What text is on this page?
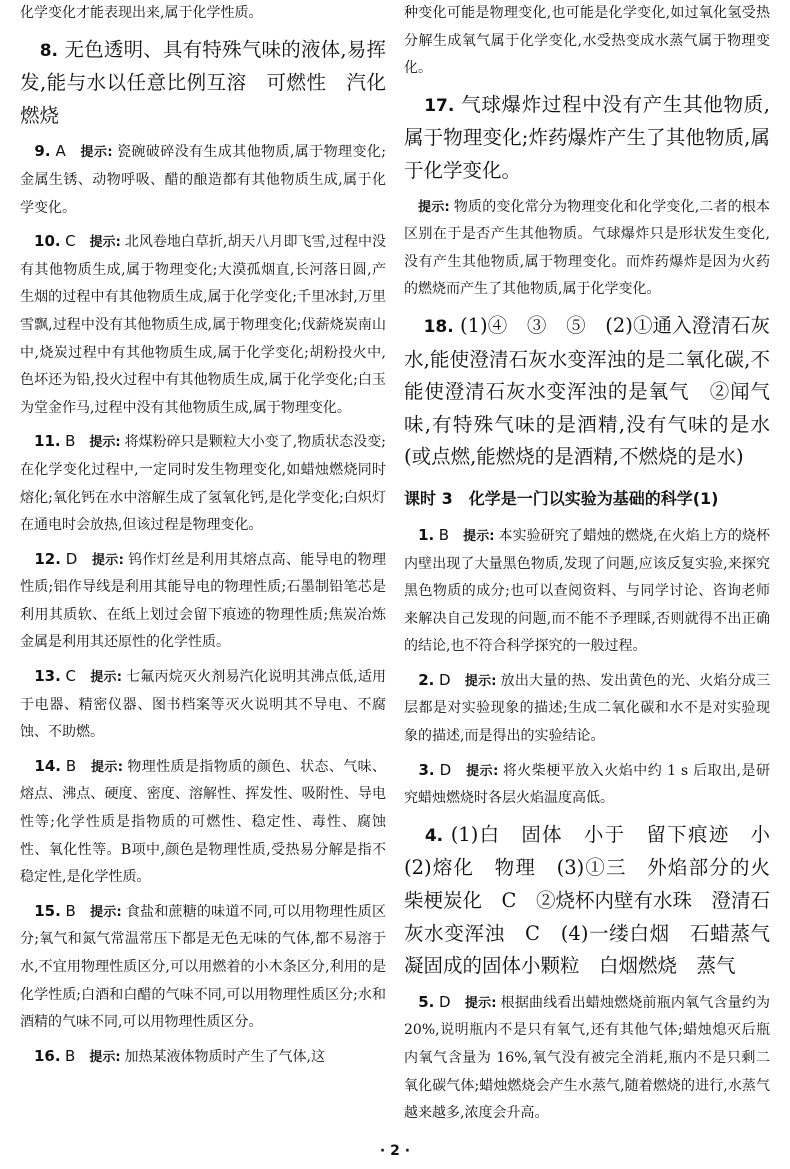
化学变化才能表现出来,属于化学性质。

　8. 无色透明、具有特殊气味的液体,易挥发,能与水以任意比例互溶　可燃性　汽化　燃烧

　9. A　 提示: 瓷碗破碎没有生成其他物质,属于物理变化;金属生锈、动物呼吸、醋的酿造都有其他物质生成,属于化学变化。

　10. C　 提示: 北风卷地白草折,胡天八月即飞雪,过程中没有其他物质生成,属于物理变化;大漠孤烟直,长河落日圆,产生烟的过程中有其他物质生成,属于化学变化;千里冰封,万里雪飘,过程中没有其他物质生成,属于物理变化;伐薪烧炭南山中,烧炭过程中有其他物质生成,属于化学变化;胡粉投火中,色坏还为铅,投火过程中有其他物质生成,属于化学变化;白玉为堂金作马,过程中没有其他物质生成,属于物理变化。

　11. B　 提示: 将煤粉碎只是颗粒大小变了,物质状态没变;在化学变化过程中,一定同时发生物理变化,如蜡烛燃烧同时熔化;氧化钙在水中溶解生成了氢氧化钙,是化学变化;白炽灯在通电时会放热,但该过程是物理变化。

　12. D　 提示: 钨作灯丝是利用其熔点高、能导电的物理性质;铝作导线是利用其能导电的物理性质;石墨制铅笔芯是利用其质软、在纸上划过会留下痕迹的物理性质;焦炭冶炼金属是利用其还原性的化学性质。

　13. C　 提示: 七氟丙烷灭火剂易汽化说明其沸点低,适用于电器、精密仪器、图书档案等灭火说明其不导电、不腐蚀、不助燃。

　14. B　 提示: 物理性质是指物质的颜色、状态、气味、熔点、沸点、硬度、密度、溶解性、挥发性、吸附性、导电性等;化学性质是指物质的可燃性、稳定性、毒性、腐蚀性、氧化性等。B项中,颜色是物理性质,受热易分解是指不稳定性,是化学性质。

　15. B　 提示: 食盐和蔗糖的味道不同,可以用物理性质区分;氧气和氮气常温常压下都是无色无味的气体,都不易溶于水,不宜用物理性质区分,可以用燃着的小木条区分,利用的是化学性质;白酒和白醋的气味不同,可以用物理性质区分;水和酒精的气味不同,可以用物理性质区分。

　16. B　 提示: 加热某液体物质时产生了气体,这

种变化可能是物理变化,也可能是化学变化,如过氧化氢受热分解生成氧气属于化学变化,水受热变成水蒸气属于物理变化。

　17. 气球爆炸过程中没有产生其他物质,属于物理变化;炸药爆炸产生了其他物质,属于化学变化。

　提示: 物质的变化常分为物理变化和化学变化,二者的根本区别在于是否产生其他物质。气球爆炸只是形状发生变化,没有产生其他物质,属于物理变化。而炸药爆炸是因为火药的燃烧而产生了其他物质,属于化学变化。

　18. (1)④　③　⑤　(2)①通入澄清石灰水,能使澄清石灰水变浑浊的是二氧化碳,不能使澄清石灰水变浑浊的是氧气　②闻气味,有特殊气味的是酒精,没有气味的是水(或点燃,能燃烧的是酒精,不燃烧的是水)

课时 3　化学是一门以实验为基础的科学(1)

　1. B　 提示: 本实验研究了蜡烛的燃烧,在火焰上方的烧杯内壁出现了大量黑色物质,发现了问题,应该反复实验,来探究黑色物质的成分;也可以查阅资料、与同学讨论、咨询老师来解决自己发现的问题,而不能不予理睬,否则就得不出正确的结论,也不符合科学探究的一般过程。

　2. D　 提示: 放出大量的热、发出黄色的光、火焰分成三层都是对实验现象的描述;生成二氧化碳和水不是对实验现象的描述,而是得出的实验结论。

　3. D　 提示: 将火柴梗平放入火焰中约 1 s 后取出,是研究蜡烛燃烧时各层火焰温度高低。

　4. (1)白　固体　小于　留下痕迹　小　(2)熔化　物理　(3)①三　外焰部分的火柴梗炭化　C　②烧杯内壁有水珠　澄清石灰水变浑浊　C　(4)一缕白烟　石蜡蒸气凝固成的固体小颗粒　白烟燃烧　蒸气

　5. D　 提示: 根据曲线看出蜡烛燃烧前瓶内氧气含量约为 20%,说明瓶内不是只有氧气,还有其他气体;蜡烛熄灭后瓶内氧气含量为 16%,氧气没有被完全消耗,瓶内不是只剩二氧化碳气体;蜡烛燃烧会产生水蒸气,随着燃烧的进行,水蒸气越来越多,浓度会升高。

· 2 ·
